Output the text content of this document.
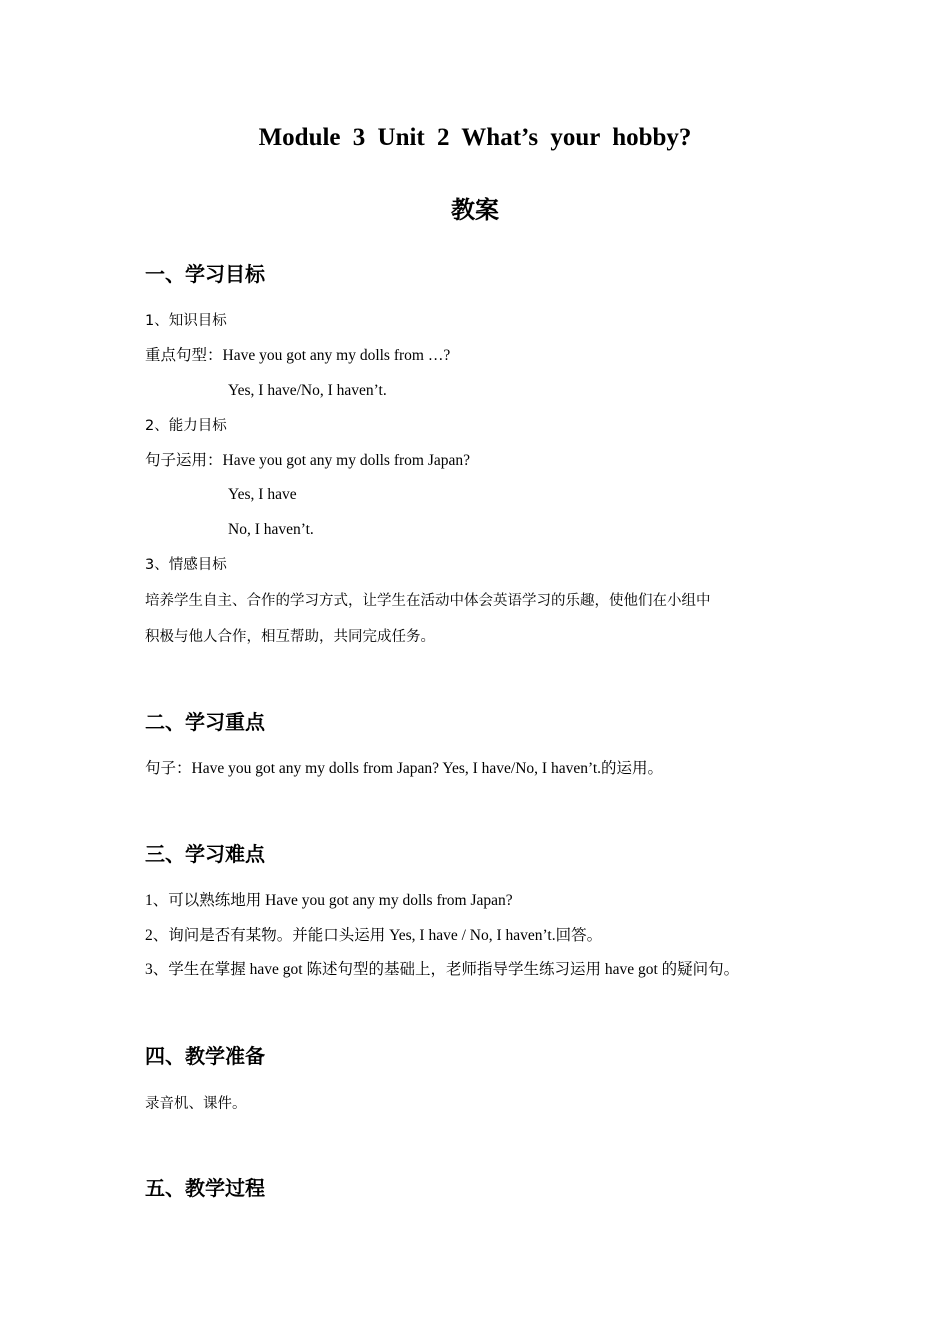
Module 3 Unit 2 What’s your hobby?
教案
一、学习目标
1、知识目标
重点句型：Have you got any my dolls from …?
Yes, I have/No, I haven’t.
2、能力目标
句子运用：Have you got any my dolls from Japan?
Yes, I have
No, I haven’t.
3、情感目标
培养学生自主、合作的学习方式，让学生在活动中体会英语学习的乐趣，使他们在小组中
积极与他人合作，相互帮助，共同完成任务。
二、学习重点
句子：Have you got any my dolls from Japan? Yes, I have/No, I haven’t.的运用。
三、学习难点
1、可以熟练地用 Have you got any my dolls from Japan?
2、询问是否有某物。并能口头运用 Yes, I have / No, I haven’t.回答。
3、学生在掌握 have got 陈述句型的基础上，老师指导学生练习运用 have got 的疑问句。
四、教学准备
录音机、课件。
五、教学过程
